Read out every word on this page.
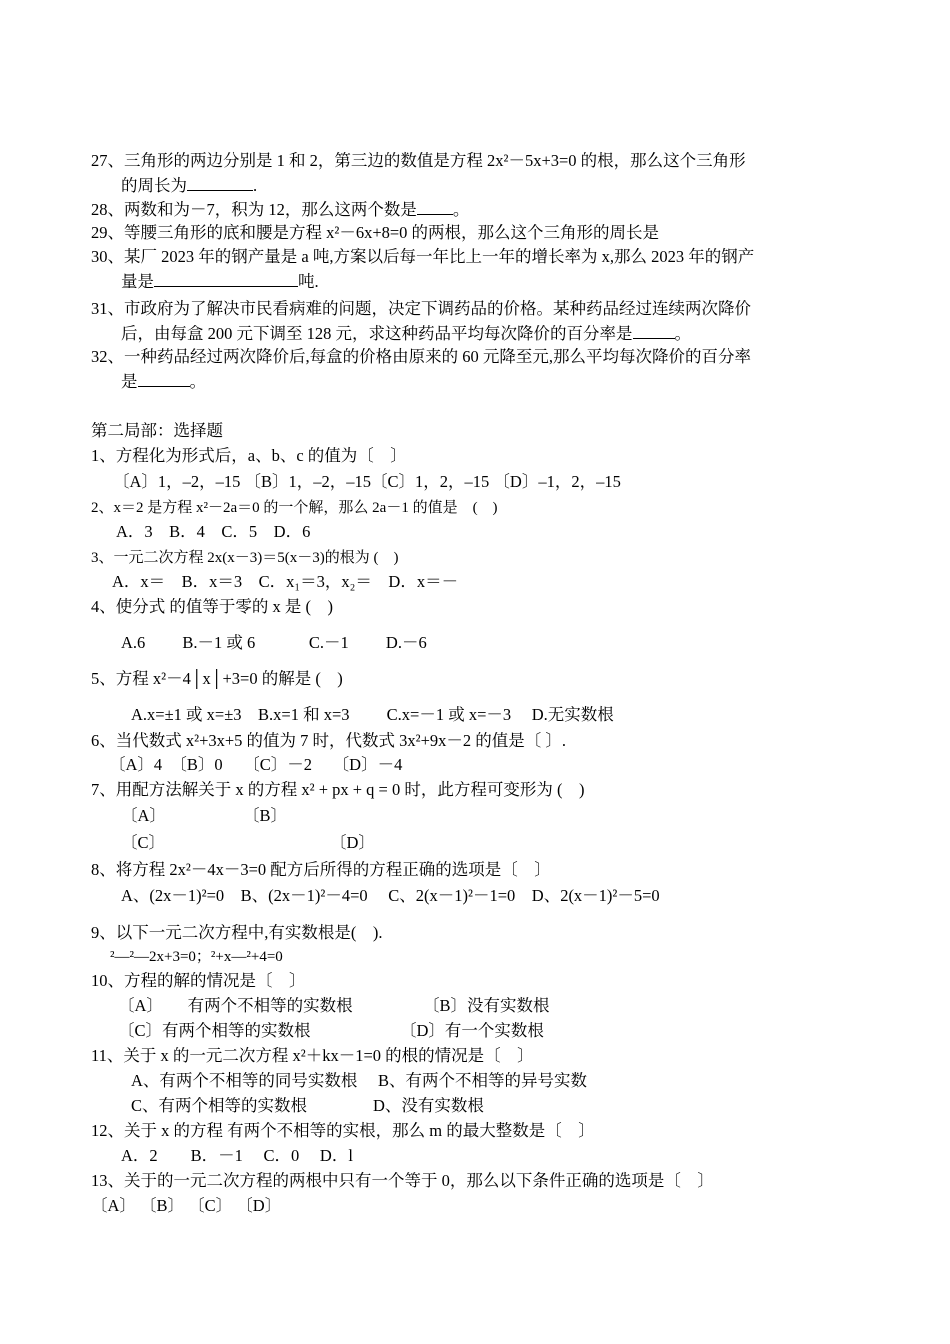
27、三角形的两边分别是 1 和 2，第三边的数值是方程 2x²－5x+3=0 的根，那么这个三角形
的周长为	.
28、两数和为－7，积为 12，那么这两个数是 。
29、等腰三角形的底和腰是方程 x²－6x+8=0 的两根，那么这个三角形的周长是
30、某厂 2023 年的钢产量是 a 吨,方案以后每一年比上一年的增长率为 x,那么 2023 年的钢产
量是	吨.
31、市政府为了解决市民看病难的问题，决定下调药品的价格。某种药品经过连续两次降价
后，由每盒 200 元下调至 128 元，求这种药品平均每次降价的百分率是	。
32、一种药品经过两次降价后,每盒的价格由原来的 60 元降至元,那么平均每次降价的百分率
是	。
第二局部：选择题
1、方程化为形式后，a、b、c 的值为〔　〕
〔A〕1，–2，–15 〔B〕1，–2，–15〔C〕1，2，–15 〔D〕–1，2，–15
2、x＝2 是方程 x²－2a＝0 的一个解，那么 2a－1 的值是　(　)
A．3　B．4　C．5　D．6
3、一元二次方程 2x(x－3)＝5(x－3)的根为 (　)
A．x＝　B．x＝3　C．x₁＝3，x₂＝　D．x＝－
4、使分式 的值等于零的 x 是 (　)
A.6　　 B.－1 或 6　　　 C.－1　　 D.－6
5、方程 x²－4│x│+3=0 的解是 (　)
A.x=±1 或 x=±3　B.x=1 和 x=3　　 C.x=－1 或 x=－3　 D.无实数根
6、当代数式 x²+3x+5 的值为 7 时，代数式 3x²+9x－2 的值是〔 〕.
〔A〕4　〔B〕0　 〔C〕－2　 〔D〕－4
7、用配方法解关于 x 的方程 x² + px + q = 0 时，此方程可变形为 (　)
〔A〕	〔B〕
〔C〕	〔D〕
8、将方程 2x²－4x－3=0 配方后所得的方程正确的选项是〔　〕
A、(2x－1)²=0　B、(2x－1)²－4=0　 C、2(x－1)²－1=0　D、2(x－1)²－5=0
9、以下一元二次方程中,有实数根是(　).
²—²—2x+3=0；²+x—²+4=0
10、方程的解的情况是〔　〕
〔A〕　　有两个不相等的实数根	〔B〕没有实数根
〔C〕有两个相等的实数根	〔D〕有一个实数根
11、关于 x 的一元二次方程 x²＋kx－1=0 的根的情况是〔　〕
A、有两个不相等的同号实数根　 B、有两个不相等的异号实数
C、有两个相等的实数根　　　　D、没有实数根
12、关于 x 的方程 有两个不相等的实根，那么 m 的最大整数是〔　〕
A．2　　B．－1　 C．0　 D．l
13、关于的一元二次方程的两根中只有一个等于 0，那么以下条件正确的选项是〔　〕
〔A〕 〔B〕 〔C〕 〔D〕
